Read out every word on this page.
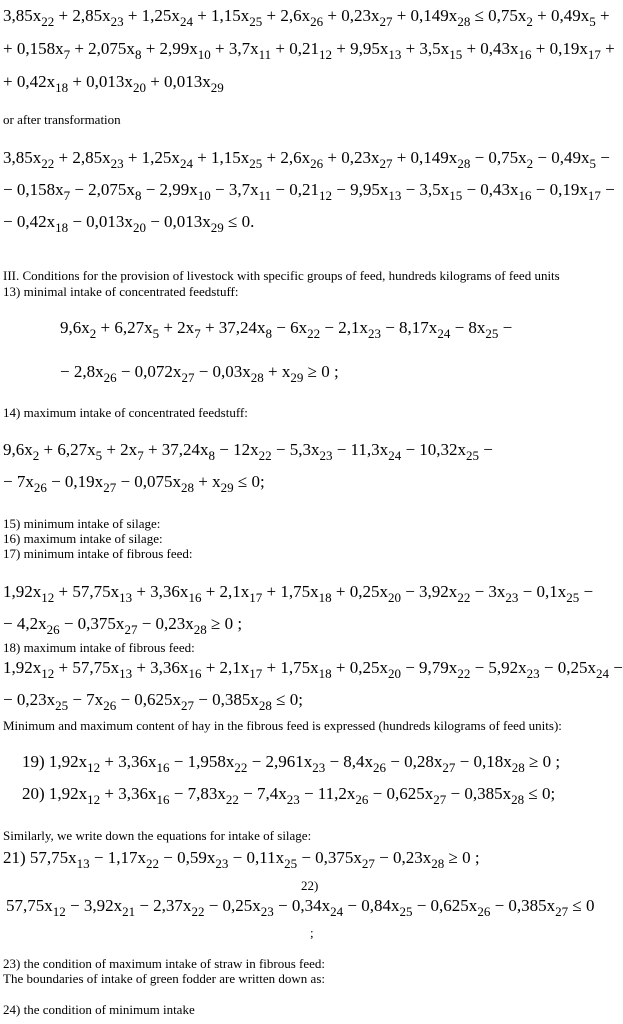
$3,85x_{22} + 2,85x_{23} + 1,25x_{24} + 1,15x_{25} + 2,6x_{26} + 0,23x_{27} + 0,149x_{28} \le 0,75x_2 + 0,49x_5$ +
+ $0,158x_7 + 2,075x_8 + 2,99x_{10} + 3,7x_{11} + 0,21_{12} + 9,95x_{13} + 3,5x_{15} + 0,43x_{16} + 0,19x_{17}$ +
+ $0,42x_{18} + 0,013x_{20} + 0,013x_{29}$
or after transformation
$3,85x_{22} + 2,85x_{23} + 1,25x_{24} + 1,15x_{25} + 2,6x_{26} + 0,23x_{27} + 0,149x_{28} - 0,75x_2 - 0,49x_5$ −
− $0,158x_7 - 2,075x_8 - 2,99x_{10} - 3,7x_{11} - 0,21_{12} - 9,95x_{13} - 3,5x_{15} - 0,43x_{16} - 0,19x_{17}$ −
− $0,42x_{18} - 0,013x_{20} - 0,013x_{29} \le 0$.
III. Conditions for the provision of livestock with specific groups of feed, hundreds kilograms of feed units
13) minimal intake of concentrated feedstuff:
$9,6x_2 + 6,27x_5 + 2x_7 + 37,24x_8 - 6x_{22} - 2,1x_{23} - 8,17x_{24} - 8x_{25}$ −
− $2,8x_{26} - 0,072x_{27} - 0,03x_{28} + x_{29} \ge 0$ ;
14) maximum intake of concentrated feedstuff:
$9,6x_2 + 6,27x_5 + 2x_7 + 37,24x_8 - 12x_{22} - 5,3x_{23} - 11,3x_{24} - 10,32x_{25}$ −
− $7x_{26} - 0,19x_{27} - 0,075x_{28} + x_{29} \le 0$;
15) minimum intake of silage:
16) maximum intake of silage:
17) minimum intake of fibrous feed:
$1,92x_{12} + 57,75x_{13} + 3,36x_{16} + 2,1x_{17} + 1,75x_{18} + 0,25x_{20} - 3,92x_{22} - 3x_{23} - 0,1x_{25}$ −
− $4,2x_{26} - 0,375x_{27} - 0,23x_{28} \ge 0$ ;
18) maximum intake of fibrous feed:
$1,92x_{12} + 57,75x_{13} + 3,36x_{16} + 2,1x_{17} + 1,75x_{18} + 0,25x_{20} - 9,79x_{22} - 5,92x_{23} - 0,25x_{24}$ −
− $0,23x_{25} - 7x_{26} - 0,625x_{27} - 0,385x_{28} \le 0$;
Minimum and maximum content of hay in the fibrous feed is expressed (hundreds kilograms of feed units):
19) $1,92x_{12} + 3,36x_{16} - 1,958x_{22} - 2,961x_{23} - 8,4x_{26} - 0,28x_{27} - 0,18x_{28} \ge 0$ ;
20) $1,92x_{12} + 3,36x_{16} - 7,83x_{22} - 7,4x_{23} - 11,2x_{26} - 0,625x_{27} - 0,385x_{28} \le 0$;
Similarly, we write down the equations for intake of silage:
21) $57,75x_{13} - 1,17x_{22} - 0,59x_{23} - 0,11x_{25} - 0,375x_{27} - 0,23x_{28} \ge 0$ ;
22)
$57,75x_{12} - 3,92x_{21} - 2,37x_{22} - 0,25x_{23} - 0,34x_{24} - 0,84x_{25} - 0,625x_{26} - 0,385x_{27} \le 0$
;
23) the condition of maximum intake of straw in fibrous feed:
The boundaries of intake of green fodder are written down as:
24) the condition of minimum intake
